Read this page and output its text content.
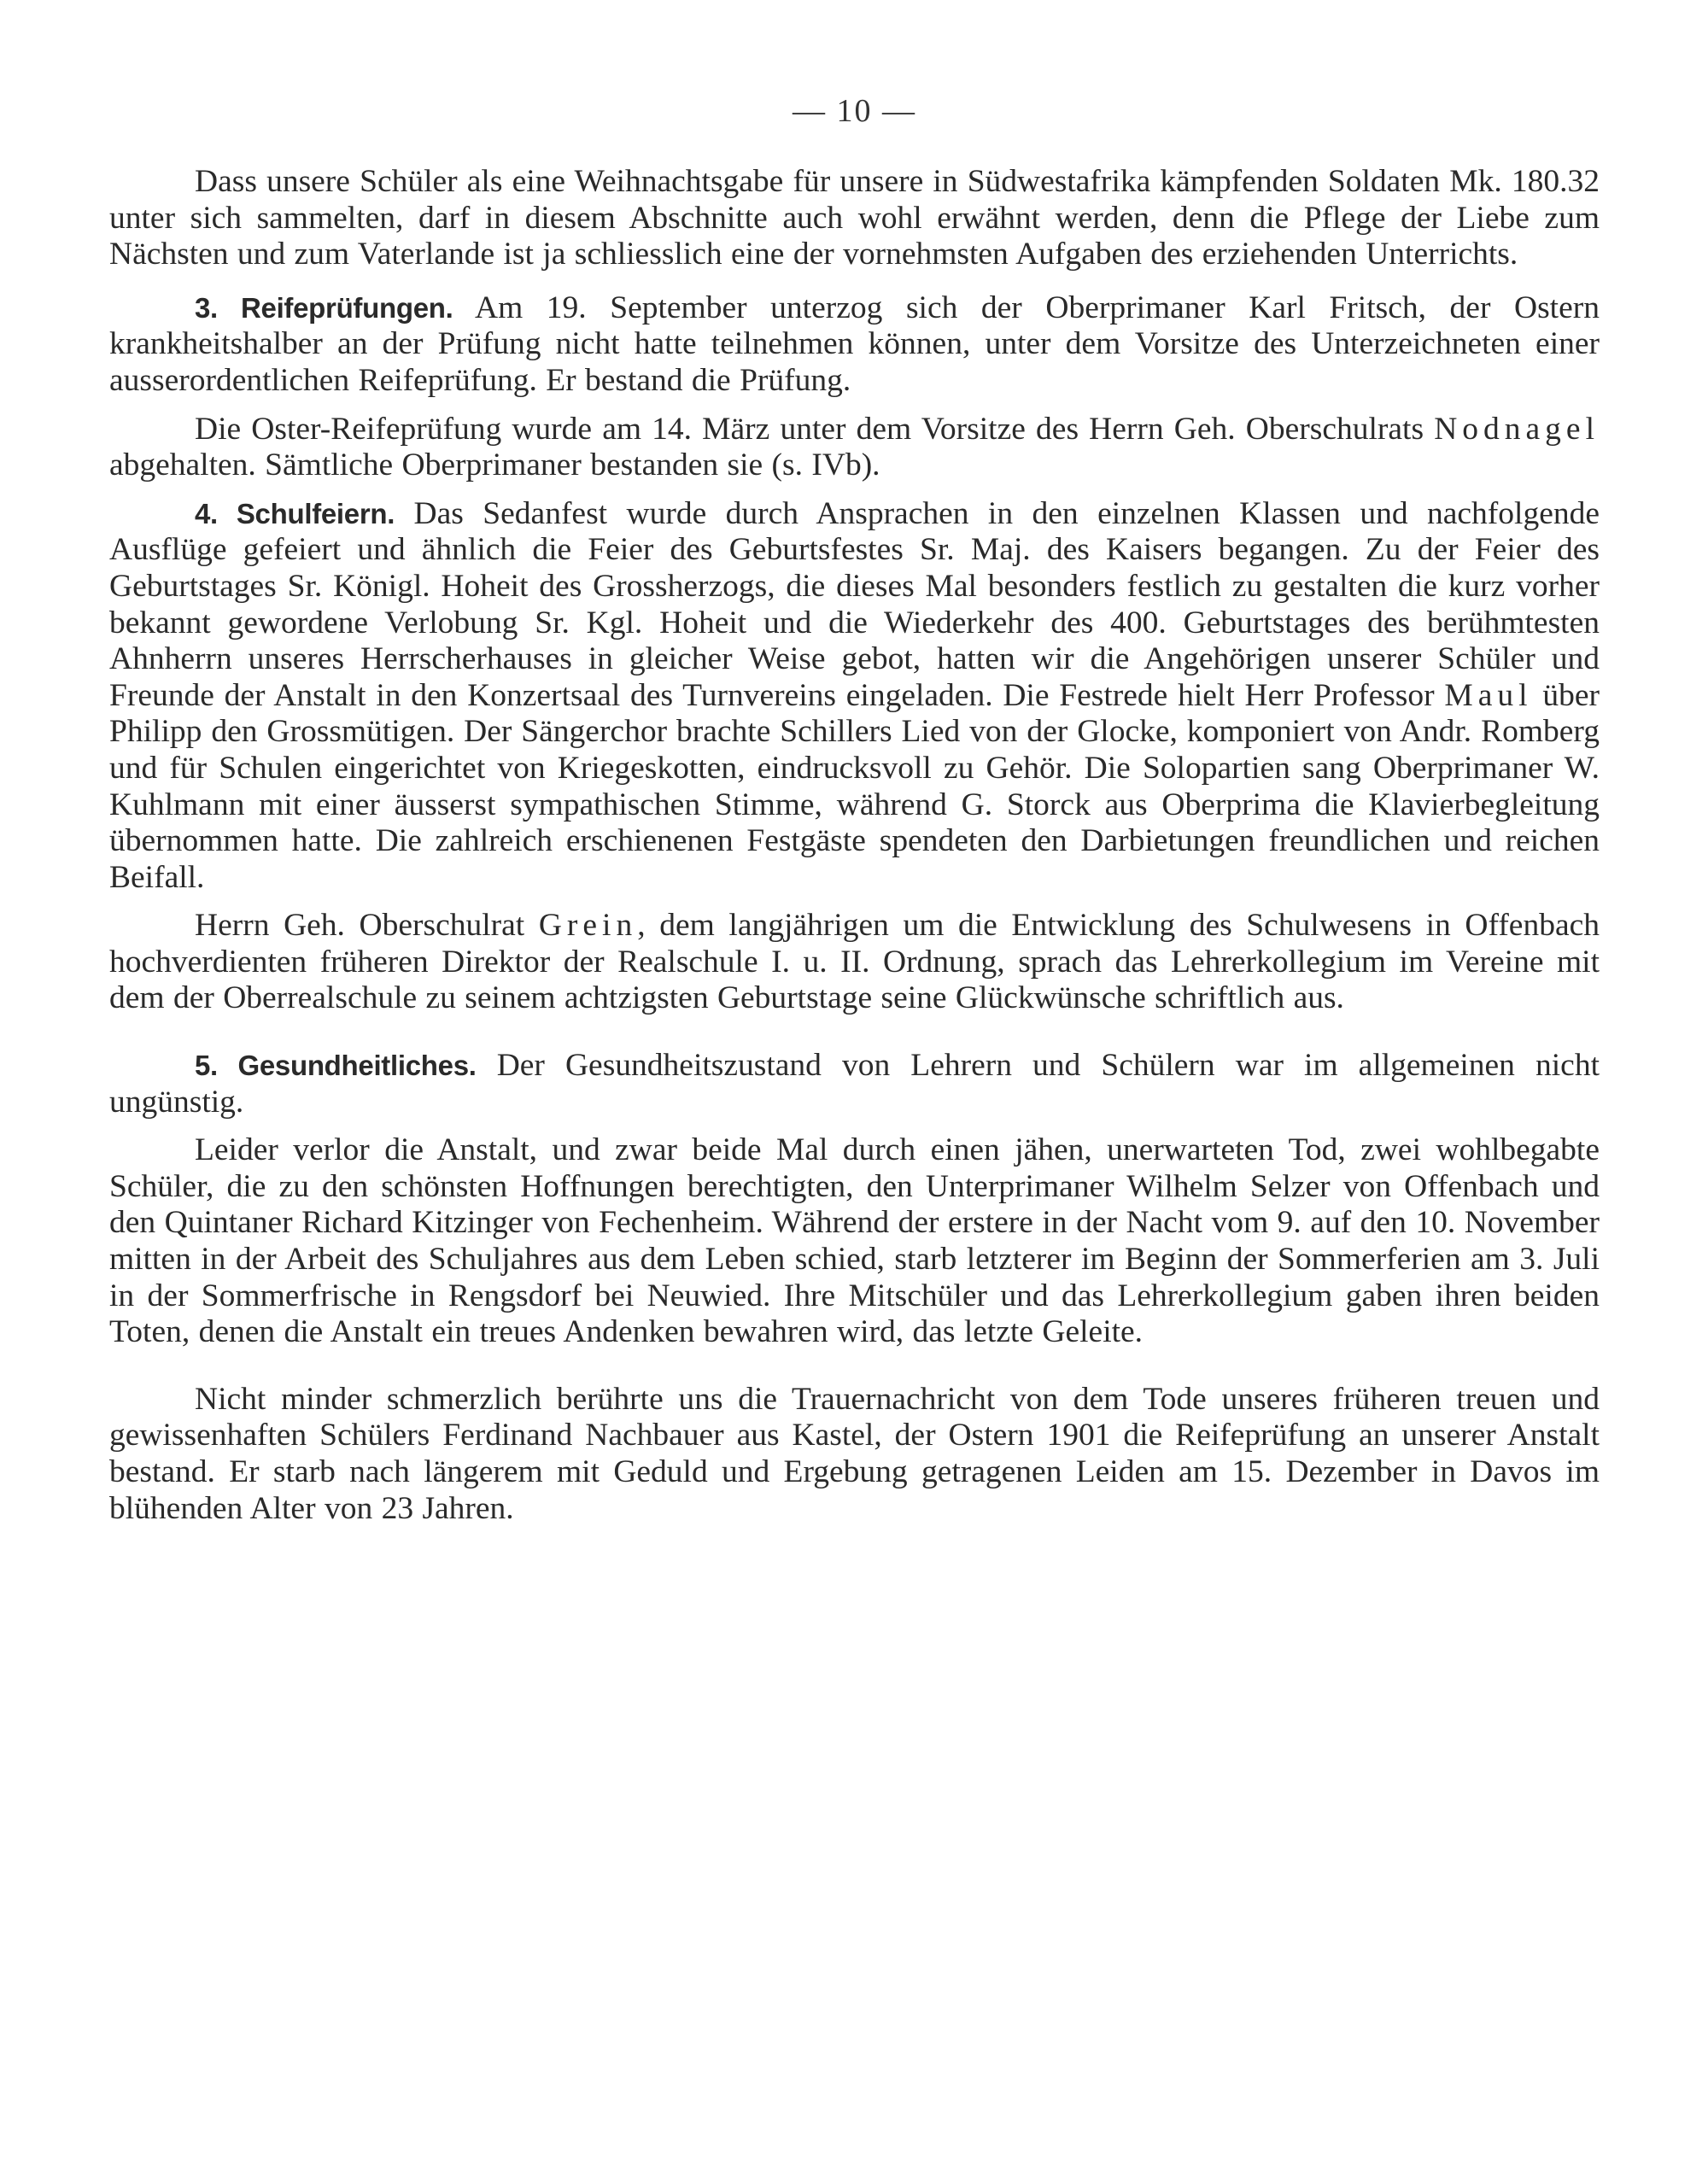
— 10 —

Dass unsere Schüler als eine Weihnachtsgabe für unsere in Südwestafrika kämpfenden Soldaten Mk. 180.32 unter sich sammelten, darf in diesem Abschnitte auch wohl erwähnt werden, denn die Pflege der Liebe zum Nächsten und zum Vaterlande ist ja schliesslich eine der vornehmsten Aufgaben des erziehenden Unterrichts.

3. Reifeprüfungen. Am 19. September unterzog sich der Oberprimaner Karl Fritsch, der Ostern krankheitshalber an der Prüfung nicht hatte teilnehmen können, unter dem Vorsitze des Unterzeichneten einer ausserordentlichen Reifeprüfung. Er bestand die Prüfung.

Die Oster-Reifeprüfung wurde am 14. März unter dem Vorsitze des Herrn Geh. Oberschulrats Nodnagel abgehalten. Sämtliche Oberprimaner bestanden sie (s. IVb).

4. Schulfeiern. Das Sedanfest wurde durch Ansprachen in den einzelnen Klassen und nachfolgende Ausflüge gefeiert und ähnlich die Feier des Geburtsfestes Sr. Maj. des Kaisers begangen. Zu der Feier des Geburtstages Sr. Königl. Hoheit des Grossherzogs, die dieses Mal besonders festlich zu gestalten die kurz vorher bekannt gewordene Verlobung Sr. Kgl. Hoheit und die Wiederkehr des 400. Geburtstages des berühmtesten Ahnherrn unseres Herrscherhauses in gleicher Weise gebot, hatten wir die Angehörigen unserer Schüler und Freunde der Anstalt in den Konzertsaal des Turnvereins eingeladen. Die Festrede hielt Herr Professor Maul über Philipp den Grossmütigen. Der Sängerchor brachte Schillers Lied von der Glocke, komponiert von Andr. Romberg und für Schulen eingerichtet von Kriegeskotten, eindrucksvoll zu Gehör. Die Solopartien sang Oberprimaner W. Kuhlmann mit einer äusserst sympathischen Stimme, während G. Storck aus Oberprima die Klavierbegleitung übernommen hatte. Die zahlreich erschienenen Festgäste spendeten den Darbietungen freundlichen und reichen Beifall.

Herrn Geh. Oberschulrat Grein, dem langjährigen um die Entwicklung des Schulwesens in Offenbach hochverdienten früheren Direktor der Realschule I. u. II. Ordnung, sprach das Lehrerkollegium im Vereine mit dem der Oberrealschule zu seinem achtzigsten Geburtstage seine Glückwünsche schriftlich aus.

5. Gesundheitliches. Der Gesundheitszustand von Lehrern und Schülern war im allgemeinen nicht ungünstig.

Leider verlor die Anstalt, und zwar beide Mal durch einen jähen, unerwarteten Tod, zwei wohlbegabte Schüler, die zu den schönsten Hoffnungen berechtigten, den Unterprimaner Wilhelm Selzer von Offenbach und den Quintaner Richard Kitzinger von Fechenheim. Während der erstere in der Nacht vom 9. auf den 10. November mitten in der Arbeit des Schuljahres aus dem Leben schied, starb letzterer im Beginn der Sommerferien am 3. Juli in der Sommerfrische in Rengsdorf bei Neuwied. Ihre Mitschüler und das Lehrerkollegium gaben ihren beiden Toten, denen die Anstalt ein treues Andenken bewahren wird, das letzte Geleite.

Nicht minder schmerzlich berührte uns die Trauernachricht von dem Tode unseres früheren treuen und gewissenhaften Schülers Ferdinand Nachbauer aus Kastel, der Ostern 1901 die Reifeprüfung an unserer Anstalt bestand. Er starb nach längerem mit Geduld und Ergebung getragenen Leiden am 15. Dezember in Davos im blühenden Alter von 23 Jahren.
